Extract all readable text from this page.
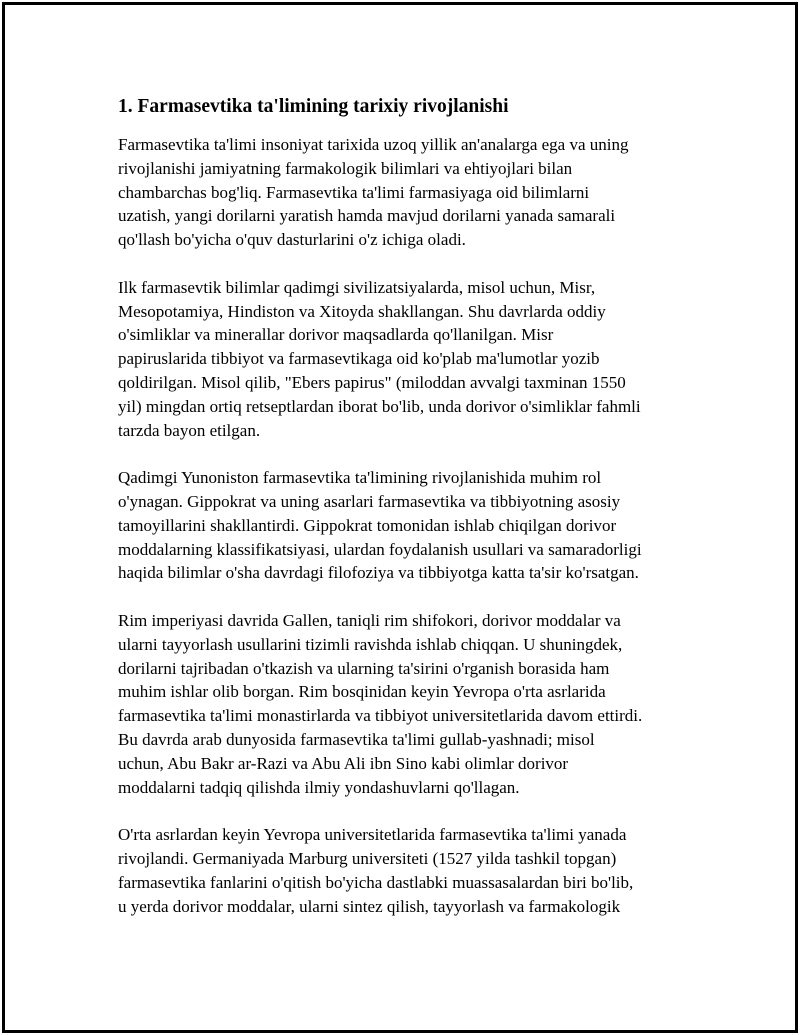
1. Farmasevtika ta'limining tarixiy rivojlanishi
Farmasevtika ta'limi insoniyat tarixida uzoq yillik an'analarga ega va uning
rivojlanishi jamiyatning farmakologik bilimlari va ehtiyojlari bilan
chambarchas bog'liq. Farmasevtika ta'limi farmasiyaga oid bilimlarni
uzatish, yangi dorilarni yaratish hamda mavjud dorilarni yanada samarali
qo'llash bo'yicha o'quv dasturlarini o'z ichiga oladi.
Ilk farmasevtik bilimlar qadimgi sivilizatsiyalarda, misol uchun, Misr,
Mesopotamiya, Hindiston va Xitoyda shakllangan. Shu davrlarda oddiy
o'simliklar va minerallar dorivor maqsadlarda qo'llanilgan. Misr
papiruslarida tibbiyot va farmasevtikaga oid ko'plab ma'lumotlar yozib
qoldirilgan. Misol qilib, "Ebers papirus" (miloddan avvalgi taxminan 1550
yil) mingdan ortiq retseptlardan iborat bo'lib, unda dorivor o'simliklar fahmli
tarzda bayon etilgan.
Qadimgi Yunoniston farmasevtika ta'limining rivojlanishida muhim rol
o'ynagan. Gippokrat va uning asarlari farmasevtika va tibbiyotning asosiy
tamoyillarini shakllantirdi. Gippokrat tomonidan ishlab chiqilgan dorivor
moddalarning klassifikatsiyasi, ulardan foydalanish usullari va samaradorligi
haqida bilimlar o'sha davrdagi filofoziya va tibbiyotga katta ta'sir ko'rsatgan.
Rim imperiyasi davrida Gallen, taniqli rim shifokori, dorivor moddalar va
ularni tayyorlash usullarini tizimli ravishda ishlab chiqqan. U shuningdek,
dorilarni tajribadan o'tkazish va ularning ta'sirini o'rganish borasida ham
muhim ishlar olib borgan. Rim bosqinidan keyin Yevropa o'rta asrlarida
farmasevtika ta'limi monastirlarda va tibbiyot universitetlarida davom ettirdi.
Bu davrda arab dunyosida farmasevtika ta'limi gullab-yashnadi; misol
uchun, Abu Bakr ar-Razi va Abu Ali ibn Sino kabi olimlar dorivor
moddalarni tadqiq qilishda ilmiy yondashuvlarni qo'llagan.
O'rta asrlardan keyin Yevropa universitetlarida farmasevtika ta'limi yanada
rivojlandi. Germaniyada Marburg universiteti (1527 yilda tashkil topgan)
farmasevtika fanlarini o'qitish bo'yicha dastlabki muassasalardan biri bo'lib,
u yerda dorivor moddalar, ularni sintez qilish, tayyorlash va farmakologik
